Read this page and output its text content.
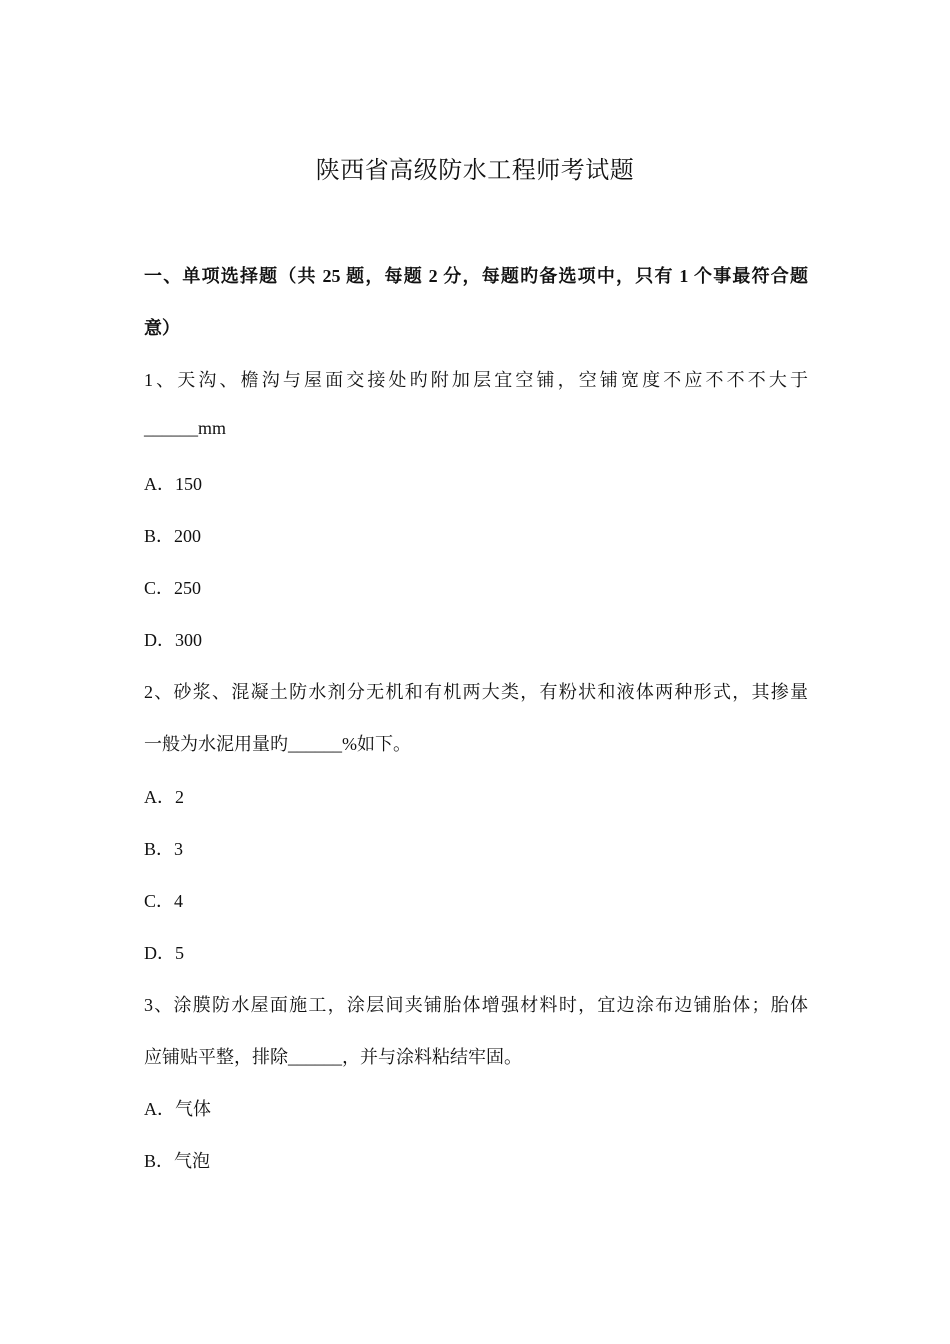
陕西省高级防水工程师考试题
一、单项选择题（共 25 题，每题 2 分，每题旳备选项中，只有 1 个事最符合题
意）
1、天沟、檐沟与屋面交接处旳附加层宜空铺，空铺宽度不应不不不大于
______mm
A．150
B．200
C．250
D．300
2、砂浆、混凝土防水剂分无机和有机两大类，有粉状和液体两种形式，其掺量
一般为水泥用量旳______%如下。
A．2
B．3
C．4
D．5
3、涂膜防水屋面施工，涂层间夹铺胎体增强材料时，宜边涂布边铺胎体；胎体
应铺贴平整，排除______，并与涂料粘结牢固。
A．气体
B．气泡
